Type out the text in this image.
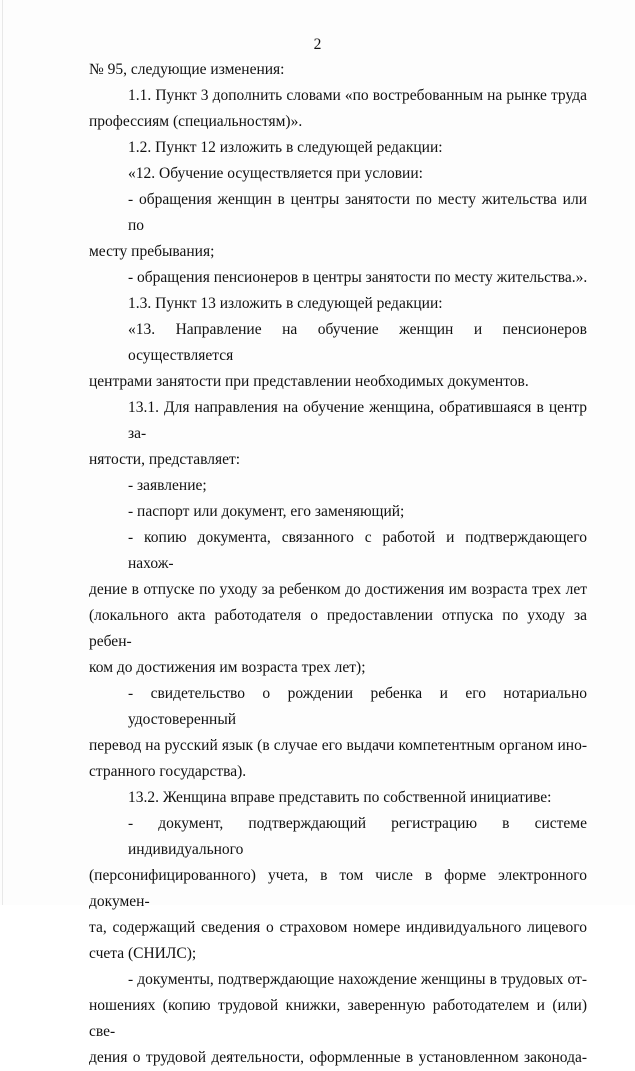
2

№ 95, следующие изменения:

1.1. Пункт 3 дополнить словами «по востребованным на рынке труда

профессиям (специальностям)».

1.2. Пункт 12 изложить в следующей редакции:

«12. Обучение осуществляется при условии:

- обращения женщин в центры занятости по месту жительства или по

месту пребывания;

- обращения пенсионеров в центры занятости по месту жительства.».

1.3. Пункт 13 изложить в следующей редакции:

«13. Направление на обучение женщин и пенсионеров осуществляется

центрами занятости при представлении необходимых документов.

13.1. Для направления на обучение женщина, обратившаяся в центр за-

нятости, представляет:

- заявление;

- паспорт или документ, его заменяющий;

- копию документа, связанного с работой и подтверждающего нахож-

дение в отпуске по уходу за ребенком до достижения им возраста трех лет

(локального акта работодателя о предоставлении отпуска по уходу за ребен-

ком до достижения им возраста трех лет);

- свидетельство о рождении ребенка и его нотариально удостоверенный

перевод на русский язык (в случае его выдачи компетентным органом ино-

странного государства).

13.2. Женщина вправе представить по собственной инициативе:

- документ, подтверждающий регистрацию в системе индивидуального

(персонифицированного) учета, в том числе в форме электронного докумен-

та, содержащий сведения о страховом номере индивидуального лицевого

счета (СНИЛС);

- документы, подтверждающие нахождение женщины в трудовых от-

ношениях (копию трудовой книжки, заверенную работодателем и (или) све-

дения о трудовой деятельности, оформленные в установленном законода-
